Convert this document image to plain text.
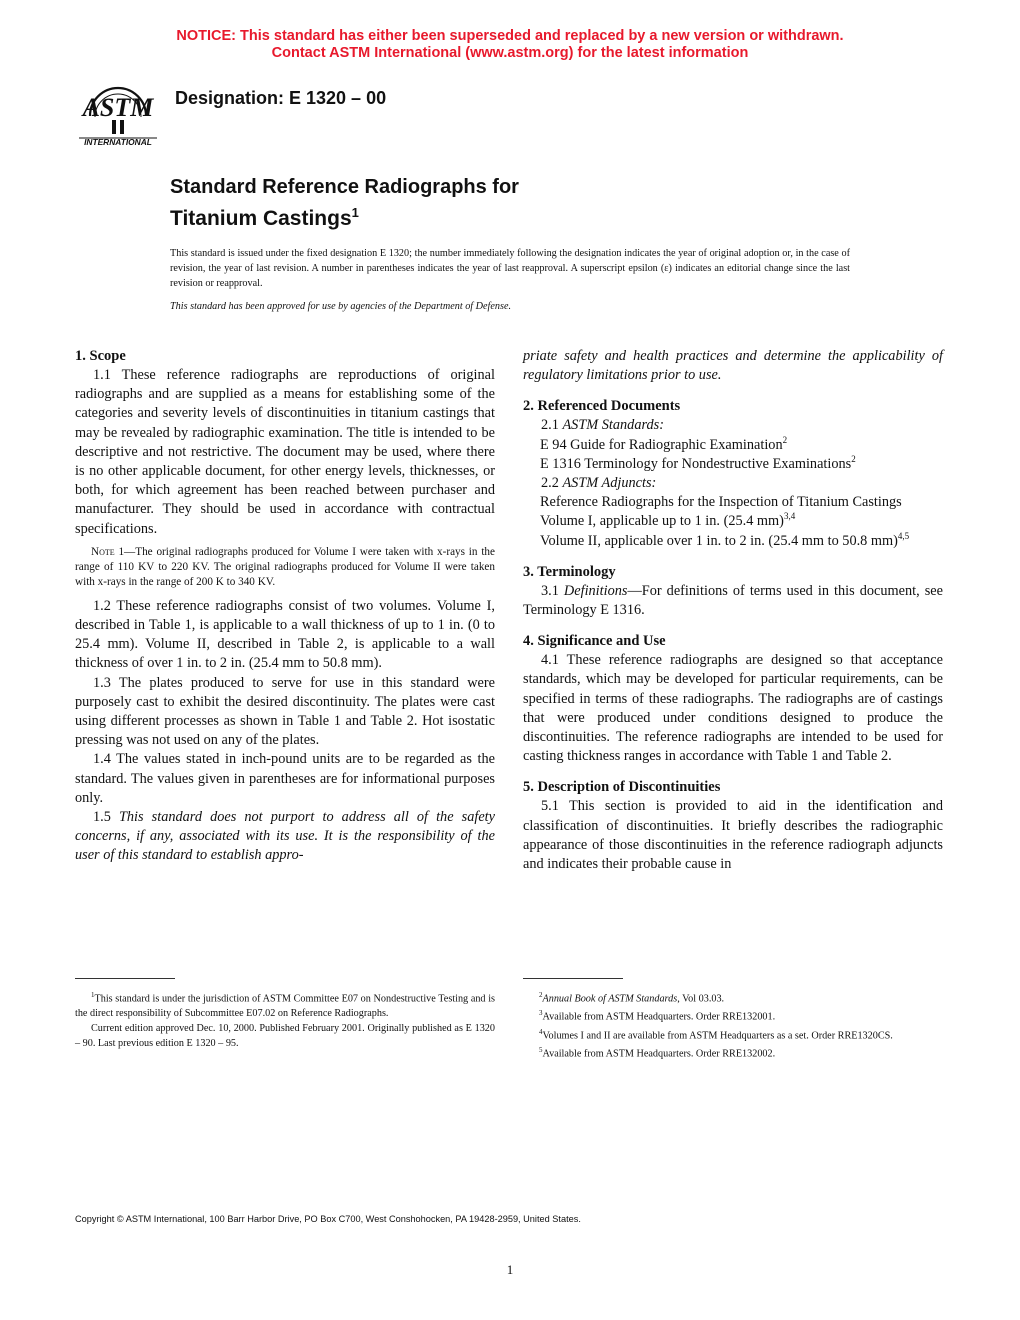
NOTICE: This standard has either been superseded and replaced by a new version or withdrawn.
Contact ASTM International (www.astm.org) for the latest information
ASTM
INTERNATIONAL
Designation: E 1320 – 00
Standard Reference Radiographs for
Titanium Castings$^1$
This standard is issued under the fixed designation E 1320; the number immediately following the designation indicates the year of original adoption or, in the case of revision, the year of last revision. A number in parentheses indicates the year of last reapproval. A superscript epsilon (ε) indicates an editorial change since the last revision or reapproval.
This standard has been approved for use by agencies of the Department of Defense.
1. Scope

1.1 These reference radiographs are reproductions of original radiographs and are supplied as a means for establishing some of the categories and severity levels of discontinuities in titanium castings that may be revealed by radiographic examination. The title is intended to be descriptive and not restrictive. The document may be used, where there is no other applicable document, for other energy levels, thicknesses, or both, for which agreement has been reached between purchaser and manufacturer. They should be used in accordance with contractual specifications.

Note 1—The original radiographs produced for Volume I were taken with x-rays in the range of 110 KV to 220 KV. The original radiographs produced for Volume II were taken with x-rays in the range of 200 K to 340 KV.

1.2 These reference radiographs consist of two volumes. Volume I, described in Table 1, is applicable to a wall thickness of up to 1 in. (0 to 25.4 mm). Volume II, described in Table 2, is applicable to a wall thickness of over 1 in. to 2 in. (25.4 mm to 50.8 mm).

1.3 The plates produced to serve for use in this standard were purposely cast to exhibit the desired discontinuity. The plates were cast using different processes as shown in Table 1 and Table 2. Hot isostatic pressing was not used on any of the plates.

1.4 The values stated in inch-pound units are to be regarded as the standard. The values given in parentheses are for informational purposes only.

1.5 This standard does not purport to address all of the safety concerns, if any, associated with its use. It is the responsibility of the user of this standard to establish appro-

priate safety and health practices and determine the applicability of regulatory limitations prior to use.

2. Referenced Documents

2.1 ASTM Standards:

E 94 Guide for Radiographic Examination$^2$

E 1316 Terminology for Nondestructive Examinations$^2$

2.2 ASTM Adjuncts:

Reference Radiographs for the Inspection of Titanium Castings

Volume I, applicable up to 1 in. (25.4 mm)$^{3,4}$

Volume II, applicable over 1 in. to 2 in. (25.4 mm to 50.8 mm)$^{4,5}$

3. Terminology

3.1 Definitions—For definitions of terms used in this document, see Terminology E 1316.

4. Significance and Use

4.1 These reference radiographs are designed so that acceptance standards, which may be developed for particular requirements, can be specified in terms of these radiographs. The radiographs are of castings that were produced under conditions designed to produce the discontinuities. The reference radiographs are intended to be used for casting thickness ranges in accordance with Table 1 and Table 2.

5. Description of Discontinuities

5.1 This section is provided to aid in the identification and classification of discontinuities. It briefly describes the radiographic appearance of those discontinuities in the reference radiograph adjuncts and indicates their probable cause in

$^1$This standard is under the jurisdiction of ASTM Committee E07 on Nondestructive Testing and is the direct responsibility of Subcommittee E07.02 on Reference Radiographs.

Current edition approved Dec. 10, 2000. Published February 2001. Originally published as E 1320 – 90. Last previous edition E 1320 – 95.

$^2$Annual Book of ASTM Standards, Vol 03.03.

$^3$Available from ASTM Headquarters. Order RRE132001.

$^4$Volumes I and II are available from ASTM Headquarters as a set. Order RRE1320CS.

$^5$Available from ASTM Headquarters. Order RRE132002.

Copyright © ASTM International, 100 Barr Harbor Drive, PO Box C700, West Conshohocken, PA 19428-2959, United States.
1
